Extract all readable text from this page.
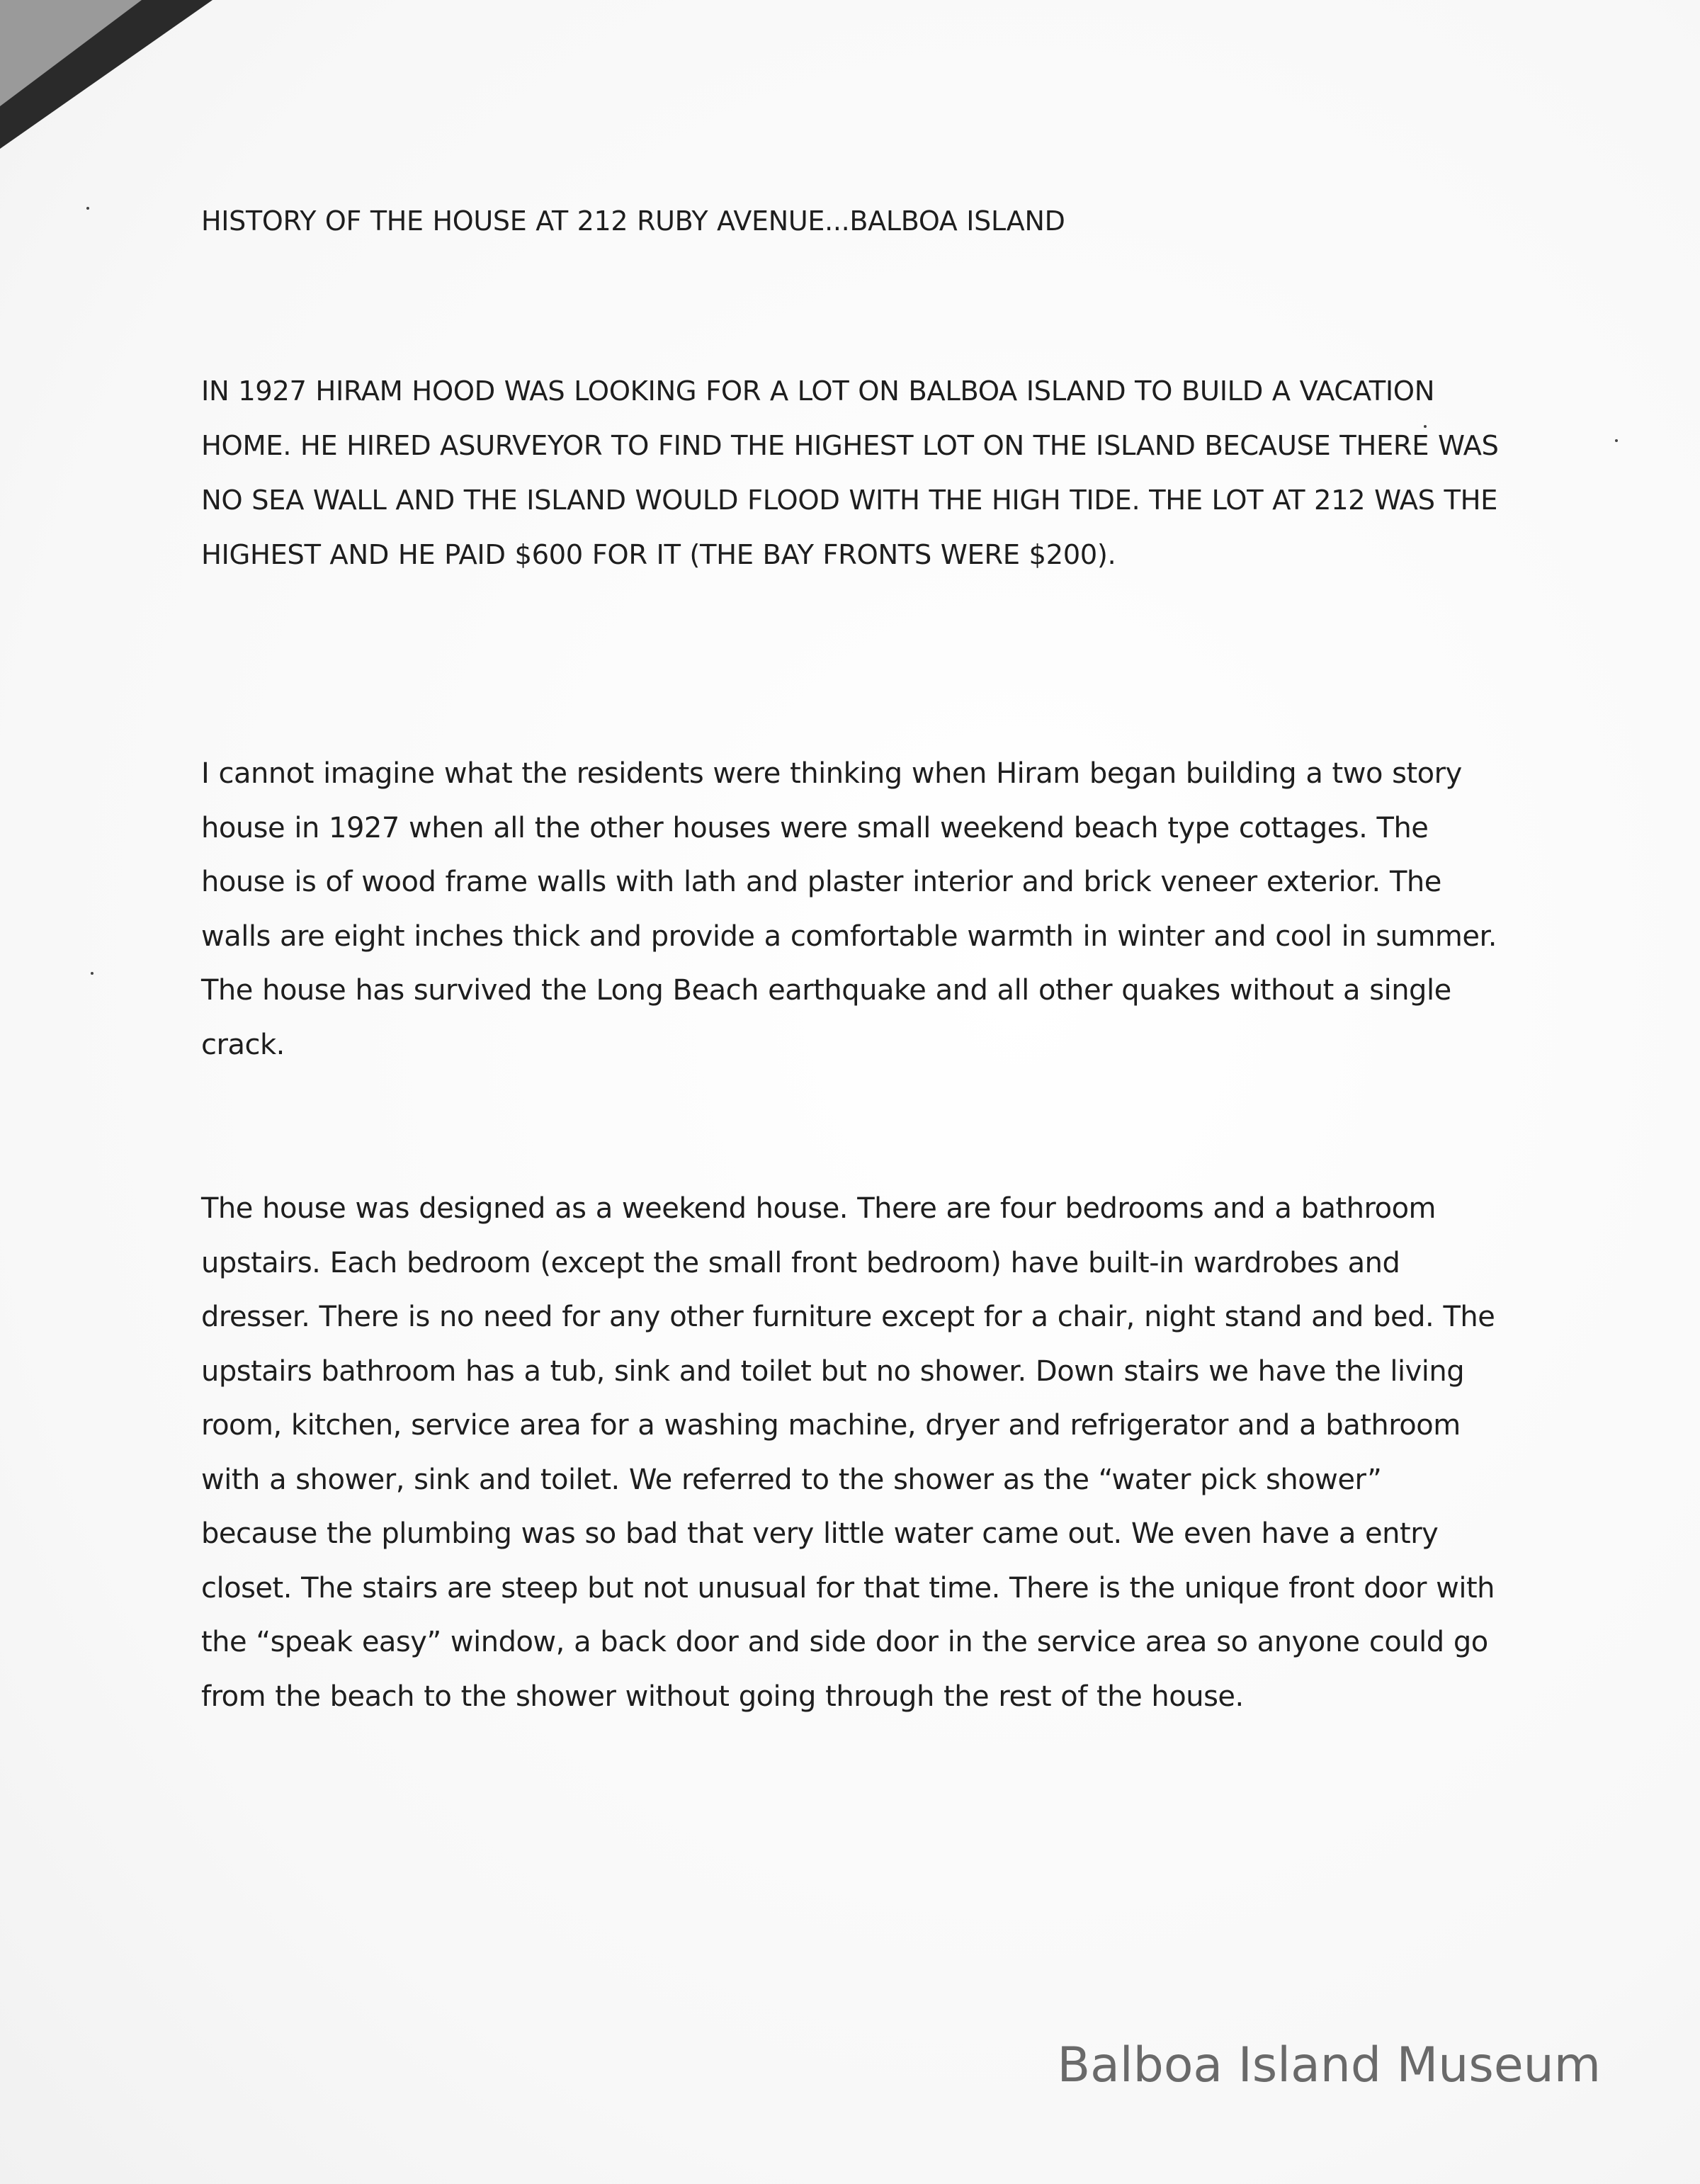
HISTORY OF THE HOUSE AT 212 RUBY AVENUE...BALBOA ISLAND
IN 1927 HIRAM HOOD WAS LOOKING FOR A LOT ON BALBOA ISLAND TO BUILD A VACATION HOME. HE HIRED ASURVEYOR TO FIND THE HIGHEST LOT ON THE ISLAND BECAUSE THERE WAS NO SEA WALL AND THE ISLAND WOULD FLOOD WITH THE HIGH TIDE. THE LOT AT 212 WAS THE HIGHEST AND HE PAID $600 FOR IT (THE BAY FRONTS WERE $200).
I cannot imagine what the residents were thinking when Hiram began building a two story house in 1927 when all the other houses were small weekend beach type cottages. The house is of wood frame walls with lath and plaster interior and brick veneer exterior. The walls are eight inches thick and provide a comfortable warmth in winter and cool in summer. The house has survived the Long Beach earthquake and all other quakes without a single crack.
The house was designed as a weekend house. There are four bedrooms and a bathroom upstairs. Each bedroom (except the small front bedroom) have built-in wardrobes and dresser. There is no need for any other furniture except for a chair, night stand and bed. The upstairs bathroom has a tub, sink and toilet but no shower. Down stairs we have the living room, kitchen, service area for a washing machine, dryer and refrigerator and a bathroom with a shower, sink and toilet. We referred to the shower as the “water pick shower” because the plumbing was so bad that very little water came out. We even have a entry closet. The stairs are steep but not unusual for that time. There is the unique front door with the “speak easy” window, a back door and side door in the service area so anyone could go from the beach to the shower without going through the rest of the house.
Balboa Island Museum
